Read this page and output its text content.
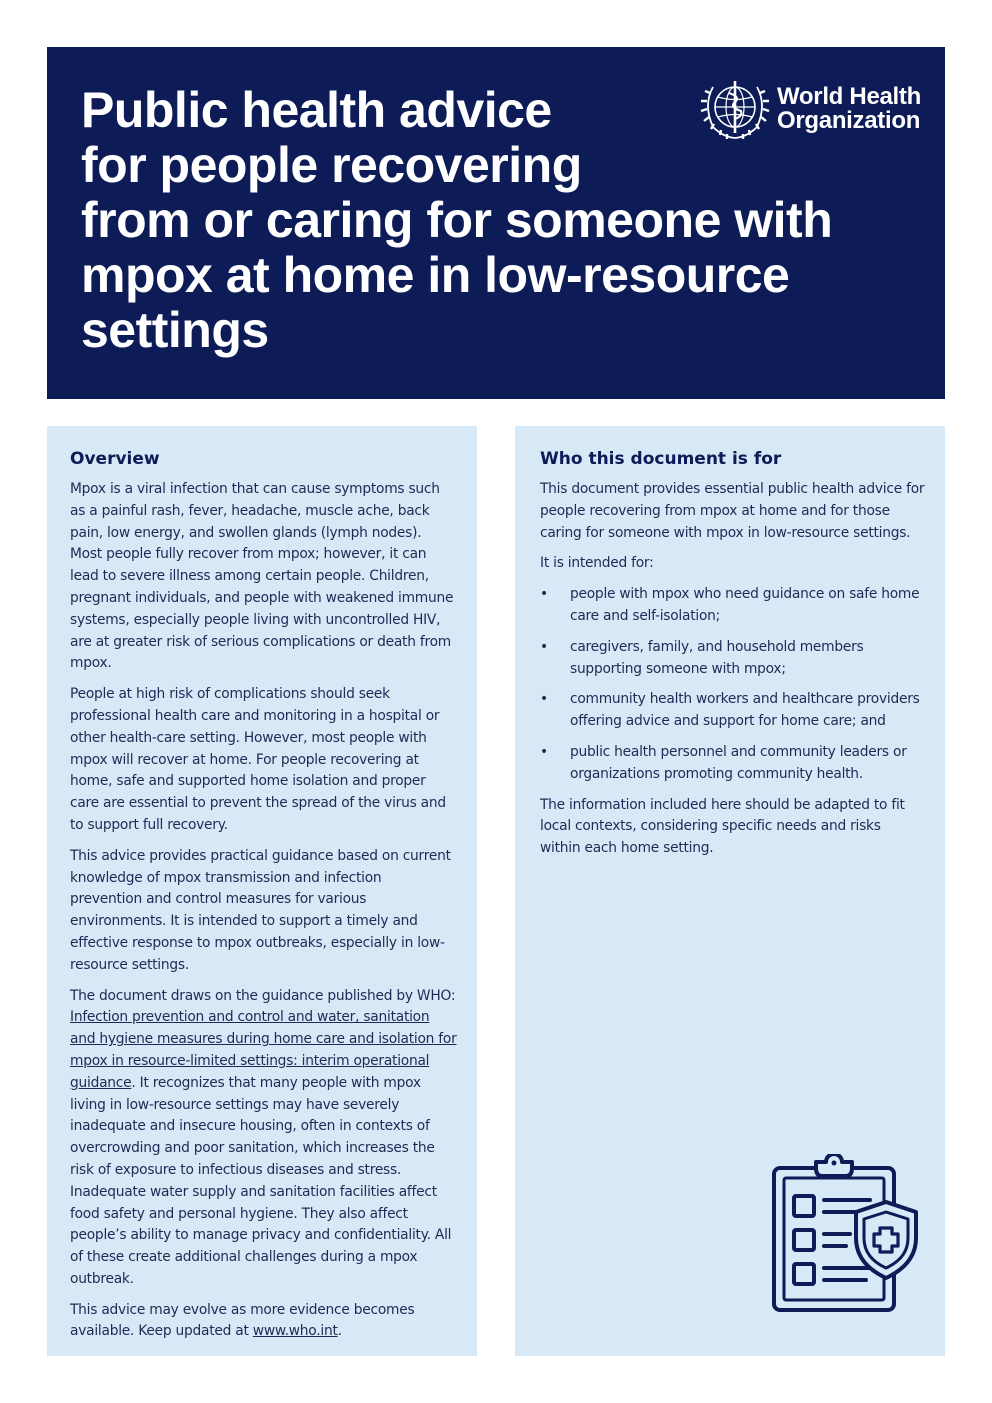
Public health advice
for people recovering
from or caring for someone with
mpox at home in low-resource
settings
World Health
Organization
Overview

Mpox is a viral infection that can cause symptoms such as a painful rash, fever, headache, muscle ache, back pain, low energy, and swollen glands (lymph nodes). Most people fully recover from mpox; however, it can lead to severe illness among certain people. Children, pregnant individuals, and people with weakened immune systems, especially people living with uncontrolled HIV, are at greater risk of serious complications or death from mpox.

People at high risk of complications should seek professional health care and monitoring in a hospital or other health-care setting. However, most people with mpox will recover at home. For people recovering at home, safe and supported home isolation and proper care are essential to prevent the spread of the virus and to support full recovery.

This advice provides practical guidance based on current knowledge of mpox transmission and infection prevention and control measures for various environments. It is intended to support a timely and effective response to mpox outbreaks, especially in low-resource settings.

The document draws on the guidance published by WHO: Infection prevention and control and water, sanitation and hygiene measures during home care and isolation for mpox in resource-limited settings: interim operational guidance. It recognizes that many people with mpox living in low-resource settings may have severely inadequate and insecure housing, often in contexts of overcrowding and poor sanitation, which increases the risk of exposure to infectious diseases and stress. Inadequate water supply and sanitation facilities affect food safety and personal hygiene. They also affect people’s ability to manage privacy and confidentiality. All of these create additional challenges during a mpox outbreak.

This advice may evolve as more evidence becomes available. Keep updated at www.who.int.

Who this document is for

This document provides essential public health advice for people recovering from mpox at home and for those caring for someone with mpox in low-resource settings.

It is intended for:

• people with mpox who need guidance on safe home care and self-isolation;
• caregivers, family, and household members supporting someone with mpox;
• community health workers and healthcare providers offering advice and support for home care; and
• public health personnel and community leaders or organizations promoting community health.

The information included here should be adapted to fit local contexts, considering specific needs and risks within each home setting.
